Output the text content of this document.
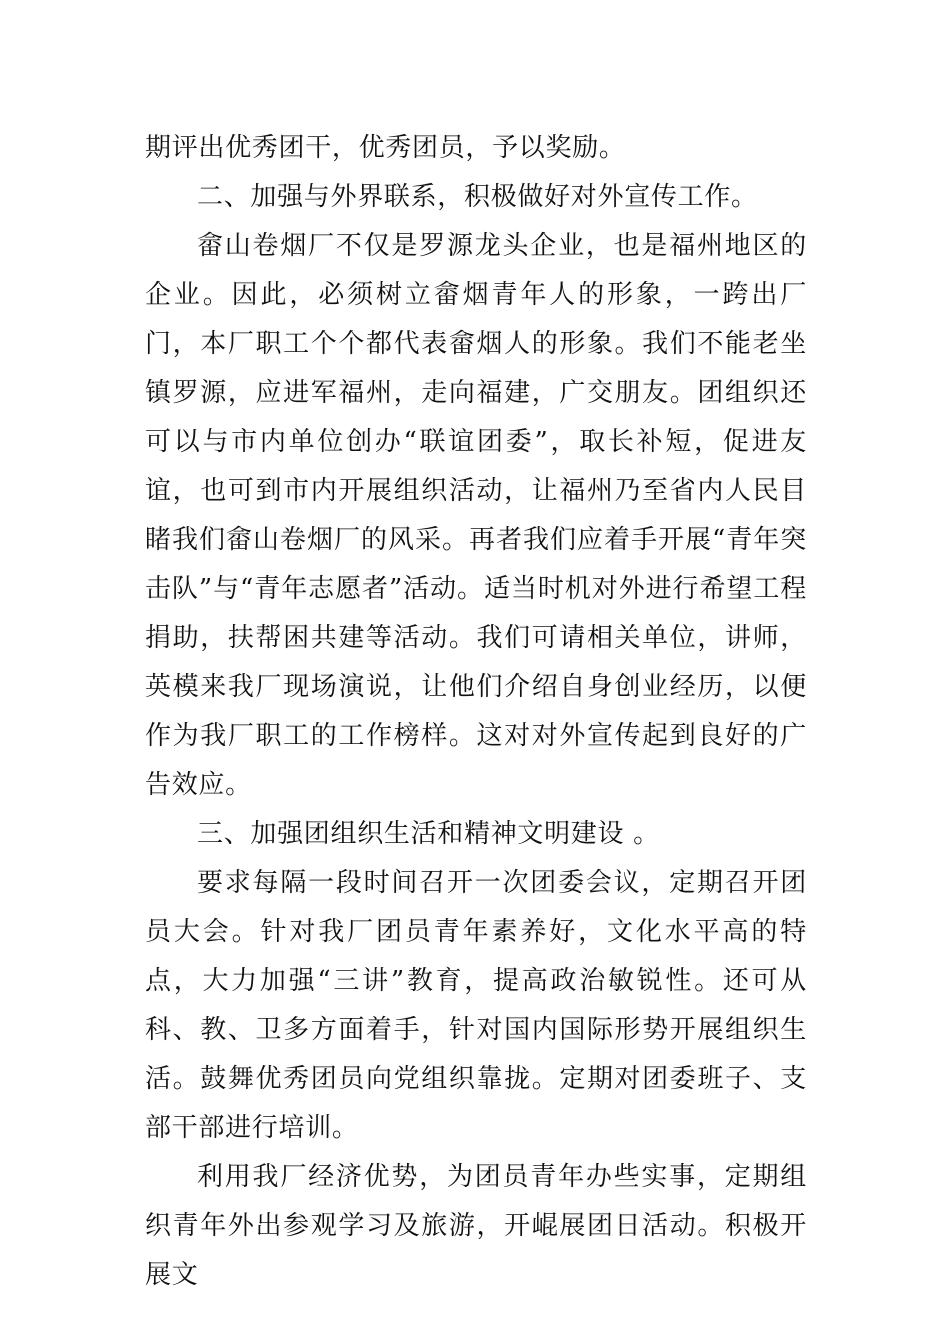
期评出优秀团干，优秀团员，予以奖励。

二、加强与外界联系，积极做好对外宣传工作。

畲山卷烟厂不仅是罗源龙头企业，也是福州地区的企业。因此，必须树立畲烟青年人的形象，一跨出厂门，本厂职工个个都代表畲烟人的形象。我们不能老坐镇罗源，应进军福州，走向福建，广交朋友。团组织还可以与市内单位创办“联谊团委”，取长补短，促进友谊，也可到市内开展组织活动，让福州乃至省内人民目睹我们畲山卷烟厂的风采。再者我们应着手开展“青年突击队”与“青年志愿者”活动。适当时机对外进行希望工程捐助，扶帮困共建等活动。我们可请相关单位，讲师，英模来我厂现场演说，让他们介绍自身创业经历，以便作为我厂职工的工作榜样。这对对外宣传起到良好的广告效应。

三、加强团组织生活和精神文明建设 。

要求每隔一段时间召开一次团委会议，定期召开团员大会。针对我厂团员青年素养好，文化水平高的特点，大力加强“三讲”教育，提高政治敏锐性。还可从科、教、卫多方面着手，针对国内国际形势开展组织生活。鼓舞优秀团员向党组织靠拢。定期对团委班子、支部干部进行培训。

利用我厂经济优势，为团员青年办些实事，定期组织青年外出参观学习及旅游，开崐展团日活动。积极开展文
